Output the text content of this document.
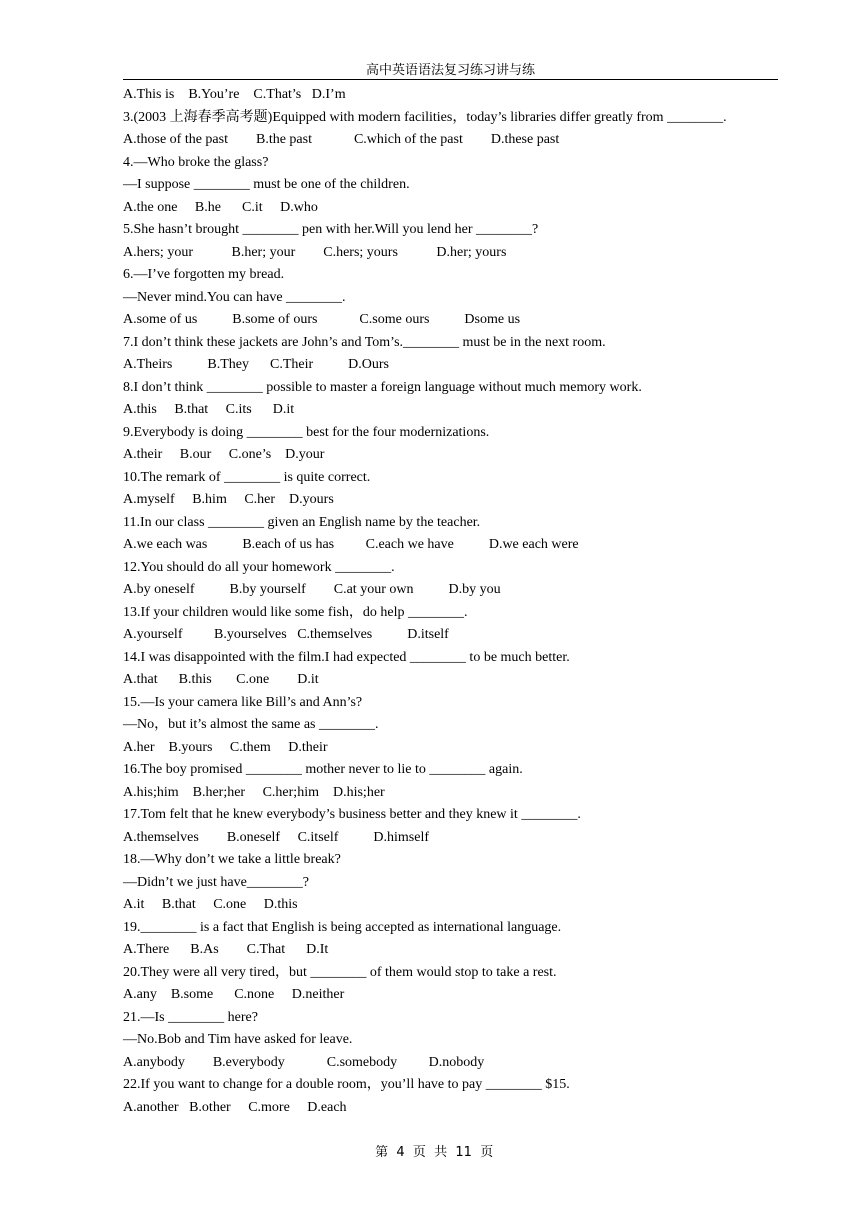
高中英语语法复习练习讲与练
A.This is    B.You’re    C.That’s   D.I’m
3.(2003 上海春季高考题)Equipped with modern facilities，today’s libraries differ greatly from ________.
A.those of the past        B.the past            C.which of the past        D.these past
4.—Who broke the glass?
—I suppose ________ must be one of the children.
A.the one     B.he      C.it     D.who
5.She hasn’t brought ________ pen with her.Will you lend her ________?
A.hers; your           B.her; your        C.hers; yours           D.her; yours
6.—I’ve forgotten my bread.
—Never mind.You can have ________.
A.some of us          B.some of ours            C.some ours          Dsome us
7.I don’t think these jackets are John’s and Tom’s.________ must be in the next room.
A.Theirs          B.They      C.Their          D.Ours
8.I don’t think ________ possible to master a foreign language without much memory work.
A.this     B.that     C.its      D.it
9.Everybody is doing ________ best for the four modernizations.
A.their     B.our     C.one’s    D.your
10.The remark of ________ is quite correct.
A.myself     B.him     C.her    D.yours
11.In our class ________ given an English name by the teacher.
A.we each was          B.each of us has         C.each we have          D.we each were
12.You should do all your homework ________.
A.by oneself          B.by yourself        C.at your own          D.by you
13.If your children would like some fish，do help ________.
A.yourself         B.yourselves   C.themselves          D.itself
14.I was disappointed with the film.I had expected ________ to be much better.
A.that      B.this       C.one        D.it
15.—Is your camera like Bill’s and Ann’s?
—No，but it’s almost the same as ________.
A.her    B.yours     C.them     D.their
16.The boy promised ________ mother never to lie to ________ again.
A.his;him    B.her;her     C.her;him    D.his;her
17.Tom felt that he knew everybody’s business better and they knew it ________.
A.themselves        B.oneself     C.itself          D.himself
18.—Why don’t we take a little break?
—Didn’t we just have________?
A.it     B.that     C.one     D.this
19.________ is a fact that English is being accepted as international language.
A.There      B.As        C.That      D.It
20.They were all very tired，but ________ of them would stop to take a rest.
A.any    B.some      C.none     D.neither
21.—Is ________ here?
—No.Bob and Tim have asked for leave.
A.anybody        B.everybody            C.somebody         D.nobody
22.If you want to change for a double room，you’ll have to pay ________ $15.
A.another   B.other     C.more     D.each

第  4  页  共  11  页
